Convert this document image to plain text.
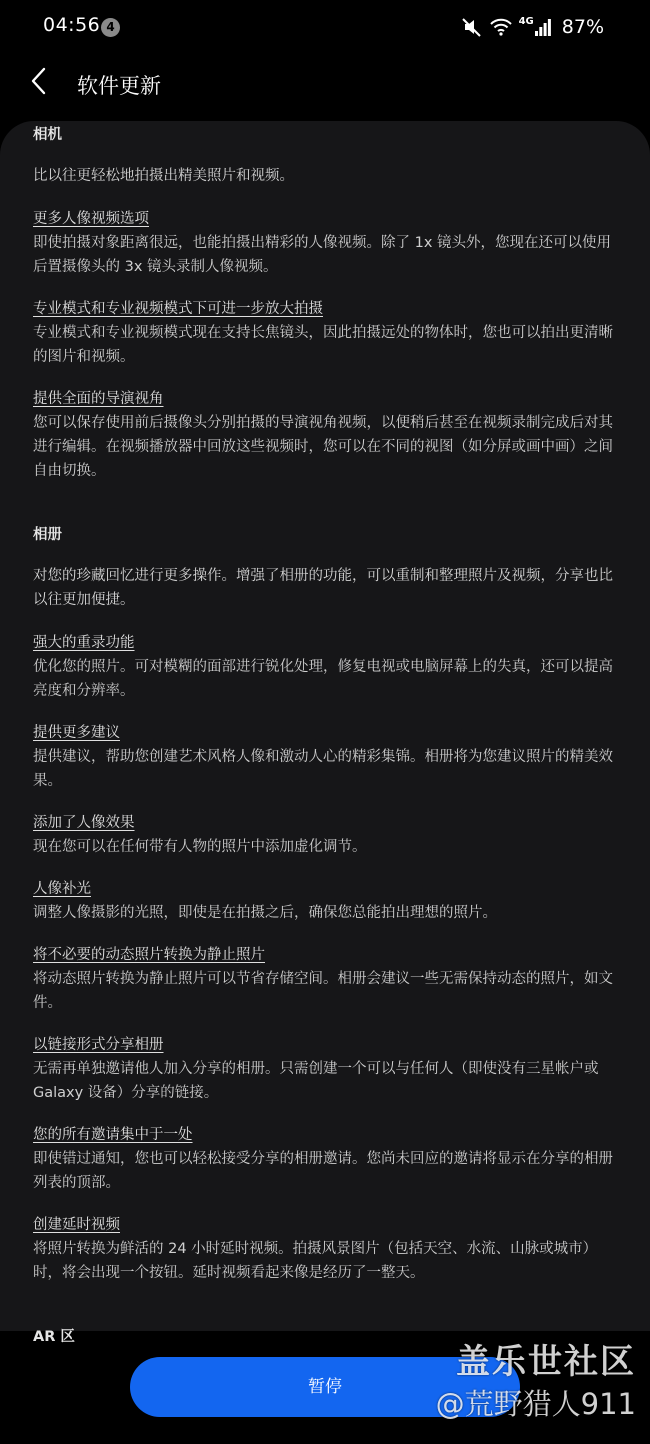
04:56 4	4G 87%
软件更新
相机

比以往更轻松地拍摄出精美照片和视频。

更多人像视频选项

即使拍摄对象距离很远，也能拍摄出精彩的人像视频。除了 1x 镜头外，您现在还可以使用后置摄像头的 3x 镜头录制人像视频。

专业模式和专业视频模式下可进一步放大拍摄

专业模式和专业视频模式现在支持长焦镜头，因此拍摄远处的物体时，您也可以拍出更清晰的图片和视频。

提供全面的导演视角

您可以保存使用前后摄像头分别拍摄的导演视角视频，以便稍后甚至在视频录制完成后对其进行编辑。在视频播放器中回放这些视频时，您可以在不同的视图（如分屏或画中画）之间自由切换。

相册

对您的珍藏回忆进行更多操作。增强了相册的功能，可以重制和整理照片及视频，分享也比以往更加便捷。

强大的重录功能

优化您的照片。可对模糊的面部进行锐化处理，修复电视或电脑屏幕上的失真，还可以提高亮度和分辨率。

提供更多建议

提供建议，帮助您创建艺术风格人像和激动人心的精彩集锦。相册将为您建议照片的精美效果。

添加了人像效果

现在您可以在任何带有人物的照片中添加虚化调节。

人像补光

调整人像摄影的光照，即使是在拍摄之后，确保您总能拍出理想的照片。

将不必要的动态照片转换为静止照片

将动态照片转换为静止照片可以节省存储空间。相册会建议一些无需保持动态的照片，如文件。

以链接形式分享相册

无需再单独邀请他人加入分享的相册。只需创建一个可以与任何人（即使没有三星帐户或 Galaxy 设备）分享的链接。

您的所有邀请集中于一处

即使错过通知，您也可以轻松接受分享的相册邀请。您尚未回应的邀请将显示在分享的相册列表的顶部。

创建延时视频

将照片转换为鲜活的 24 小时延时视频。拍摄风景图片（包括天空、水流、山脉或城市）时，将会出现一个按钮。延时视频看起来像是经历了一整天。

AR 区
暂停
盖乐世社区
@荒野猎人911
